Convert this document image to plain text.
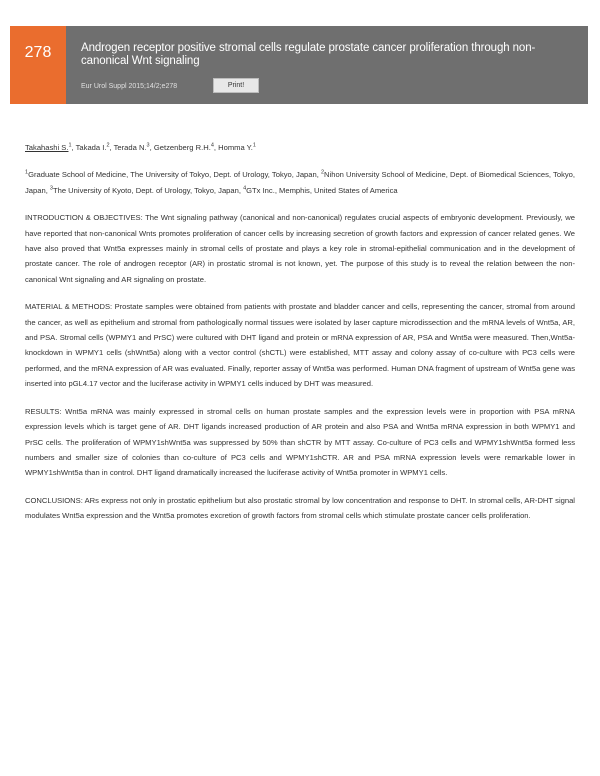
278	Androgen receptor positive stromal cells regulate prostate cancer proliferation through non-canonical Wnt signaling
Eur Urol Suppl 2015;14/2;e278	Print!

Takahashi S.$^1$, Takada I.$^2$, Terada N.$^3$, Getzenberg R.H.$^4$, Homma Y.$^1$

$^1$Graduate School of Medicine, The University of Tokyo, Dept. of Urology, Tokyo, Japan, $^2$Nihon University School of Medicine, Dept. of Biomedical Sciences, Tokyo, Japan, $^3$The University of Kyoto, Dept. of Urology, Tokyo, Japan, $^4$GTx Inc., Memphis, United States of America

INTRODUCTION & OBJECTIVES: The Wnt signaling pathway (canonical and non-canonical) regulates crucial aspects of embryonic development. Previously, we have reported that non-canonical Wnts promotes proliferation of cancer cells by increasing secretion of growth factors and expression of cancer related genes. We have also proved that Wnt5a expresses mainly in stromal cells of prostate and plays a key role in stromal-epithelial communication and in the development of prostate cancer. The role of androgen receptor (AR) in prostatic stromal is not known, yet. The purpose of this study is to reveal the relation between the non-canonical Wnt signaling and AR signaling on prostate.

MATERIAL & METHODS: Prostate samples were obtained from patients with prostate and bladder cancer and cells, representing the cancer, stromal from around the cancer, as well as epithelium and stromal from pathologically normal tissues were isolated by laser capture microdissection and the mRNA levels of Wnt5a, AR, and PSA. Stromal cells (WPMY1 and PrSC) were cultured with DHT ligand and protein or mRNA expression of AR, PSA and Wnt5a were measured. Then,Wnt5a-knockdown in WPMY1 cells (shWnt5a) along with a vector control (shCTL) were established, MTT assay and colony assay of co-culture with PC3 cells were performed, and the mRNA expression of AR was evaluated. Finally, reporter assay of Wnt5a was performed. Human DNA fragment of upstream of Wnt5a gene was inserted into pGL4.17 vector and the luciferase activity in WPMY1 cells induced by DHT was measured.

RESULTS: Wnt5a mRNA was mainly expressed in stromal cells on human prostate samples and the expression levels were in proportion with PSA mRNA expression levels which is target gene of AR. DHT ligands increased production of AR protein and also PSA and Wnt5a mRNA expression in both WPMY1 and PrSC cells. The proliferation of WPMY1shWnt5a was suppressed by 50% than shCTR by MTT assay. Co-culture of PC3 cells and WPMY1shWnt5a formed less numbers and smaller size of colonies than co-culture of PC3 cells and WPMY1shCTR. AR and PSA mRNA expression levels were remarkable lower in WPMY1shWnt5a than in control. DHT ligand dramatically increased the luciferase activity of Wnt5a promoter in WPMY1 cells.

CONCLUSIONS: ARs express not only in prostatic epithelium but also prostatic stromal by low concentration and response to DHT. In stromal cells, AR-DHT signal modulates Wnt5a expression and the Wnt5a promotes excretion of growth factors from stromal cells which stimulate prostate cancer cells proliferation.
